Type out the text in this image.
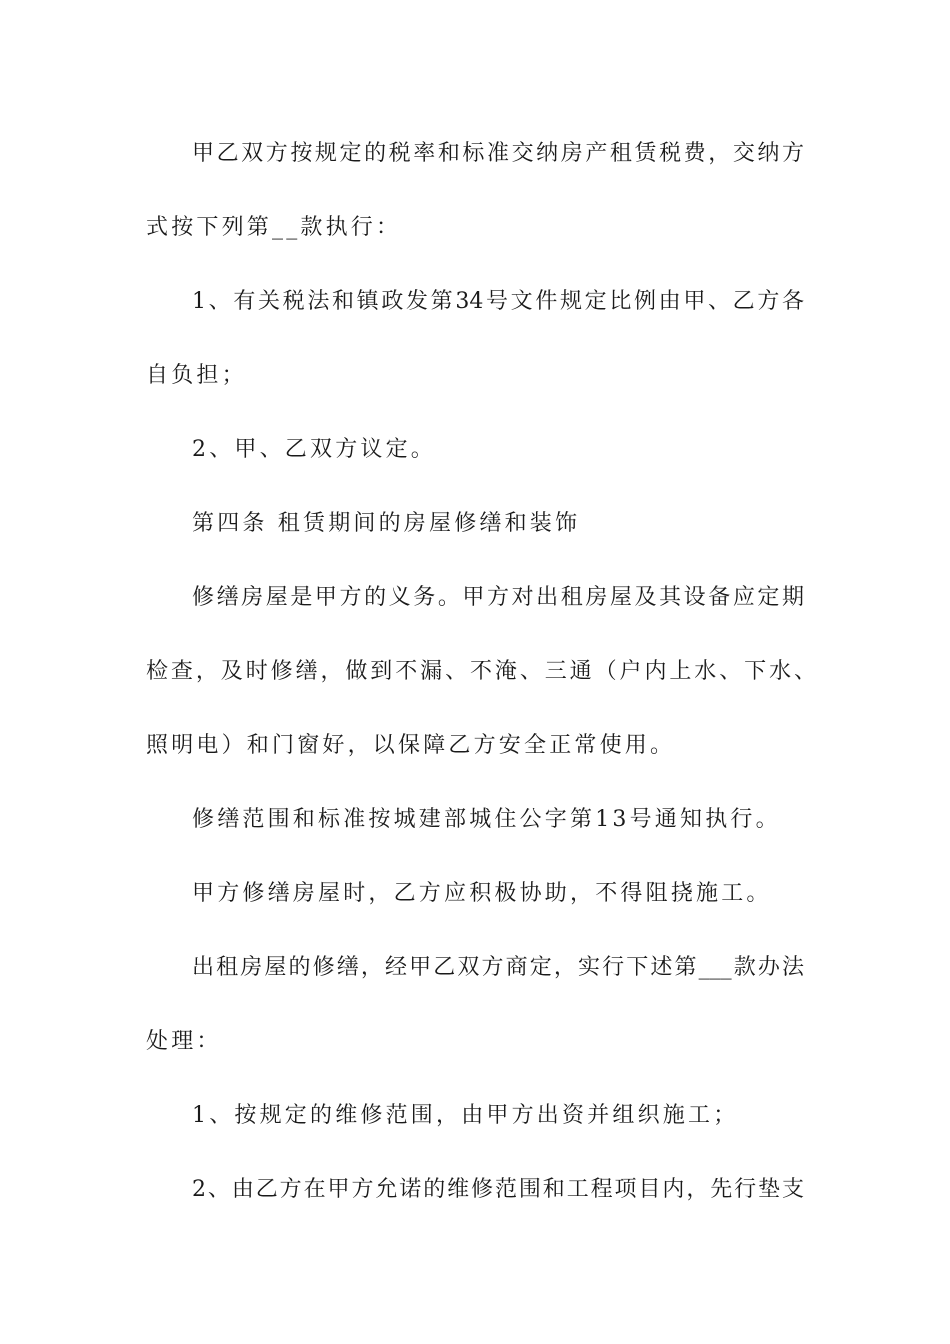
甲乙双方按规定的税率和标准交纳房产租赁税费，交纳方
式按下列第__款执行：
1、有关税法和镇政发第34号文件规定比例由甲、乙方各
自负担；
2、甲、乙双方议定。
第四条 租赁期间的房屋修缮和装饰
修缮房屋是甲方的义务。甲方对出租房屋及其设备应定期
检查，及时修缮，做到不漏、不淹、三通（户内上水、下水、
照明电）和门窗好，以保障乙方安全正常使用。
修缮范围和标准按城建部城住公字第13号通知执行。
甲方修缮房屋时，乙方应积极协助，不得阻挠施工。
出租房屋的修缮，经甲乙双方商定，实行下述第___款办法
处理：
1、按规定的维修范围，由甲方出资并组织施工；
2、由乙方在甲方允诺的维修范围和工程项目内，先行垫支
